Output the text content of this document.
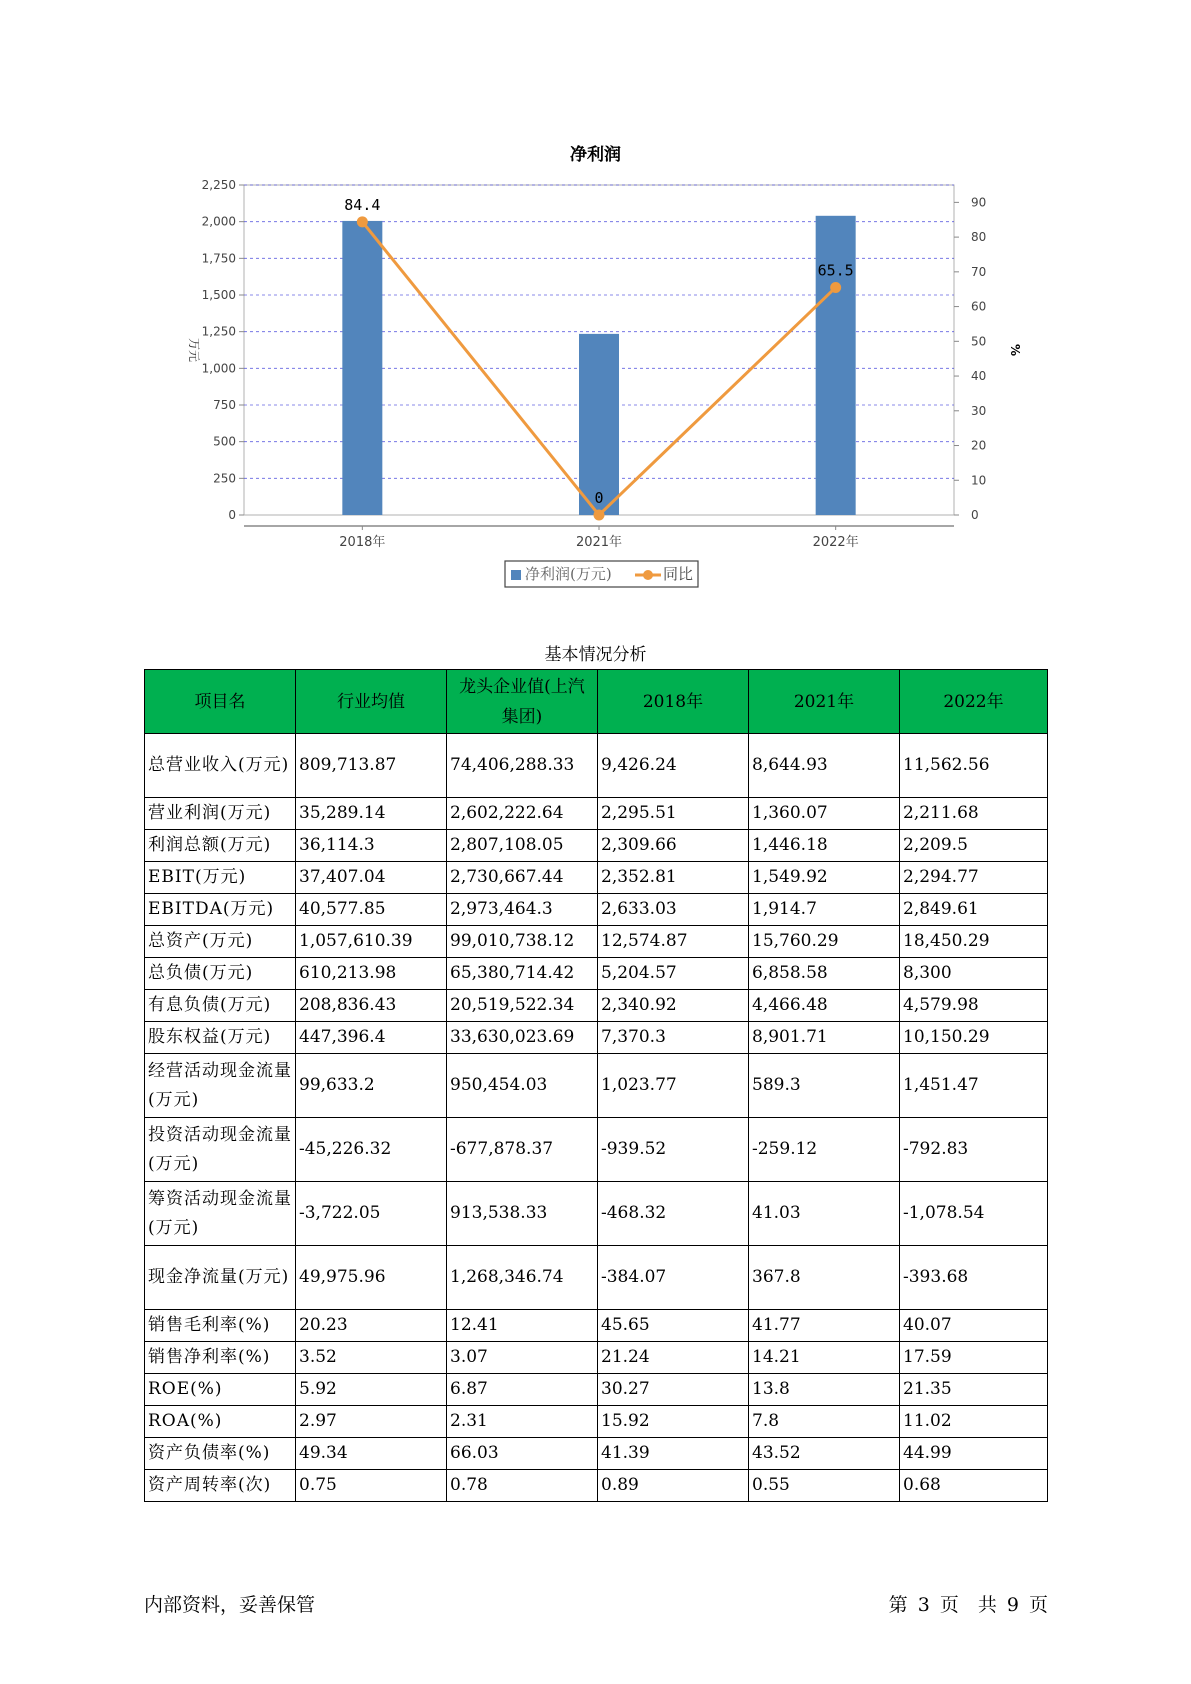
净利润
0
250
500
750
1,000
1,250
1,500
1,750
2,000
2,250
0
10
20
30
40
50
60
70
80
90
2018年	2021年	2022年
万元	%
84.4
0
65.5
净利润(万元)	同比
基本情况分析
项目名	行业均值	龙头企业值(上汽集团)	2018年	2021年	2022年
总营业收入(万元)	809,713.87	74,406,288.33	9,426.24	8,644.93	11,562.56
营业利润(万元)	35,289.14	2,602,222.64	2,295.51	1,360.07	2,211.68
利润总额(万元)	36,114.3	2,807,108.05	2,309.66	1,446.18	2,209.5
EBIT(万元)	37,407.04	2,730,667.44	2,352.81	1,549.92	2,294.77
EBITDA(万元)	40,577.85	2,973,464.3	2,633.03	1,914.7	2,849.61
总资产(万元)	1,057,610.39	99,010,738.12	12,574.87	15,760.29	18,450.29
总负债(万元)	610,213.98	65,380,714.42	5,204.57	6,858.58	8,300
有息负债(万元)	208,836.43	20,519,522.34	2,340.92	4,466.48	4,579.98
股东权益(万元)	447,396.4	33,630,023.69	7,370.3	8,901.71	10,150.29
经营活动现金流量(万元)	99,633.2	950,454.03	1,023.77	589.3	1,451.47
投资活动现金流量(万元)	-45,226.32	-677,878.37	-939.52	-259.12	-792.83
筹资活动现金流量(万元)	-3,722.05	913,538.33	-468.32	41.03	-1,078.54
现金净流量(万元)	49,975.96	1,268,346.74	-384.07	367.8	-393.68
销售毛利率(%)	20.23	12.41	45.65	41.77	40.07
销售净利率(%)	3.52	3.07	21.24	14.21	17.59
ROE(%)	5.92	6.87	30.27	13.8	21.35
ROA(%)	2.97	2.31	15.92	7.8	11.02
资产负债率(%)	49.34	66.03	41.39	43.52	44.99
资产周转率(次)	0.75	0.78	0.89	0.55	0.68
内部资料，妥善保管	第 3 页　共 9 页
